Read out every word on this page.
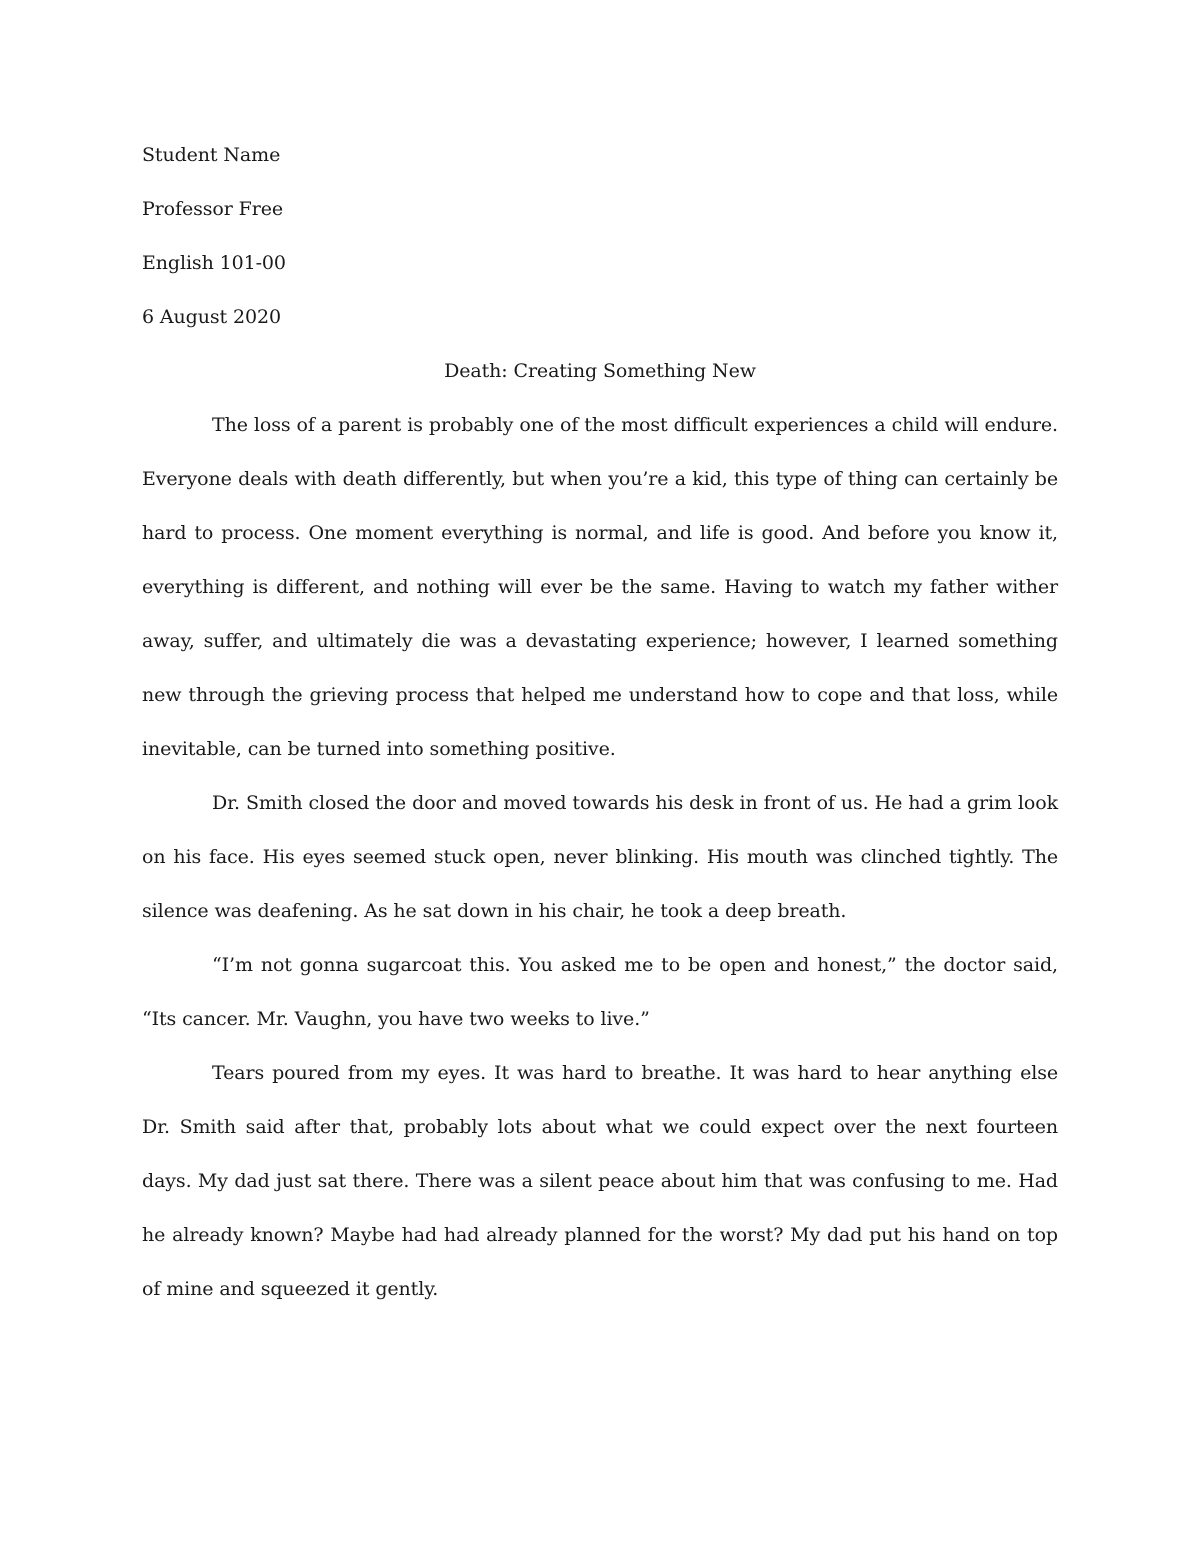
Student Name

Professor Free

English 101-00

6 August 2020

Death: Creating Something New

The loss of a parent is probably one of the most difficult experiences a child will endure. Everyone deals with death differently, but when you’re a kid, this type of thing can certainly be hard to process. One moment everything is normal, and life is good. And before you know it, everything is different, and nothing will ever be the same. Having to watch my father wither away, suffer, and ultimately die was a devastating experience; however, I learned something new through the grieving process that helped me understand how to cope and that loss, while inevitable, can be turned into something positive.

Dr. Smith closed the door and moved towards his desk in front of us. He had a grim look on his face. His eyes seemed stuck open, never blinking. His mouth was clinched tightly. The silence was deafening. As he sat down in his chair, he took a deep breath.

“I’m not gonna sugarcoat this. You asked me to be open and honest,” the doctor said, “Its cancer. Mr. Vaughn, you have two weeks to live.”

Tears poured from my eyes. It was hard to breathe. It was hard to hear anything else Dr. Smith said after that, probably lots about what we could expect over the next fourteen days. My dad just sat there. There was a silent peace about him that was confusing to me. Had he already known? Maybe had had already planned for the worst? My dad put his hand on top of mine and squeezed it gently.
